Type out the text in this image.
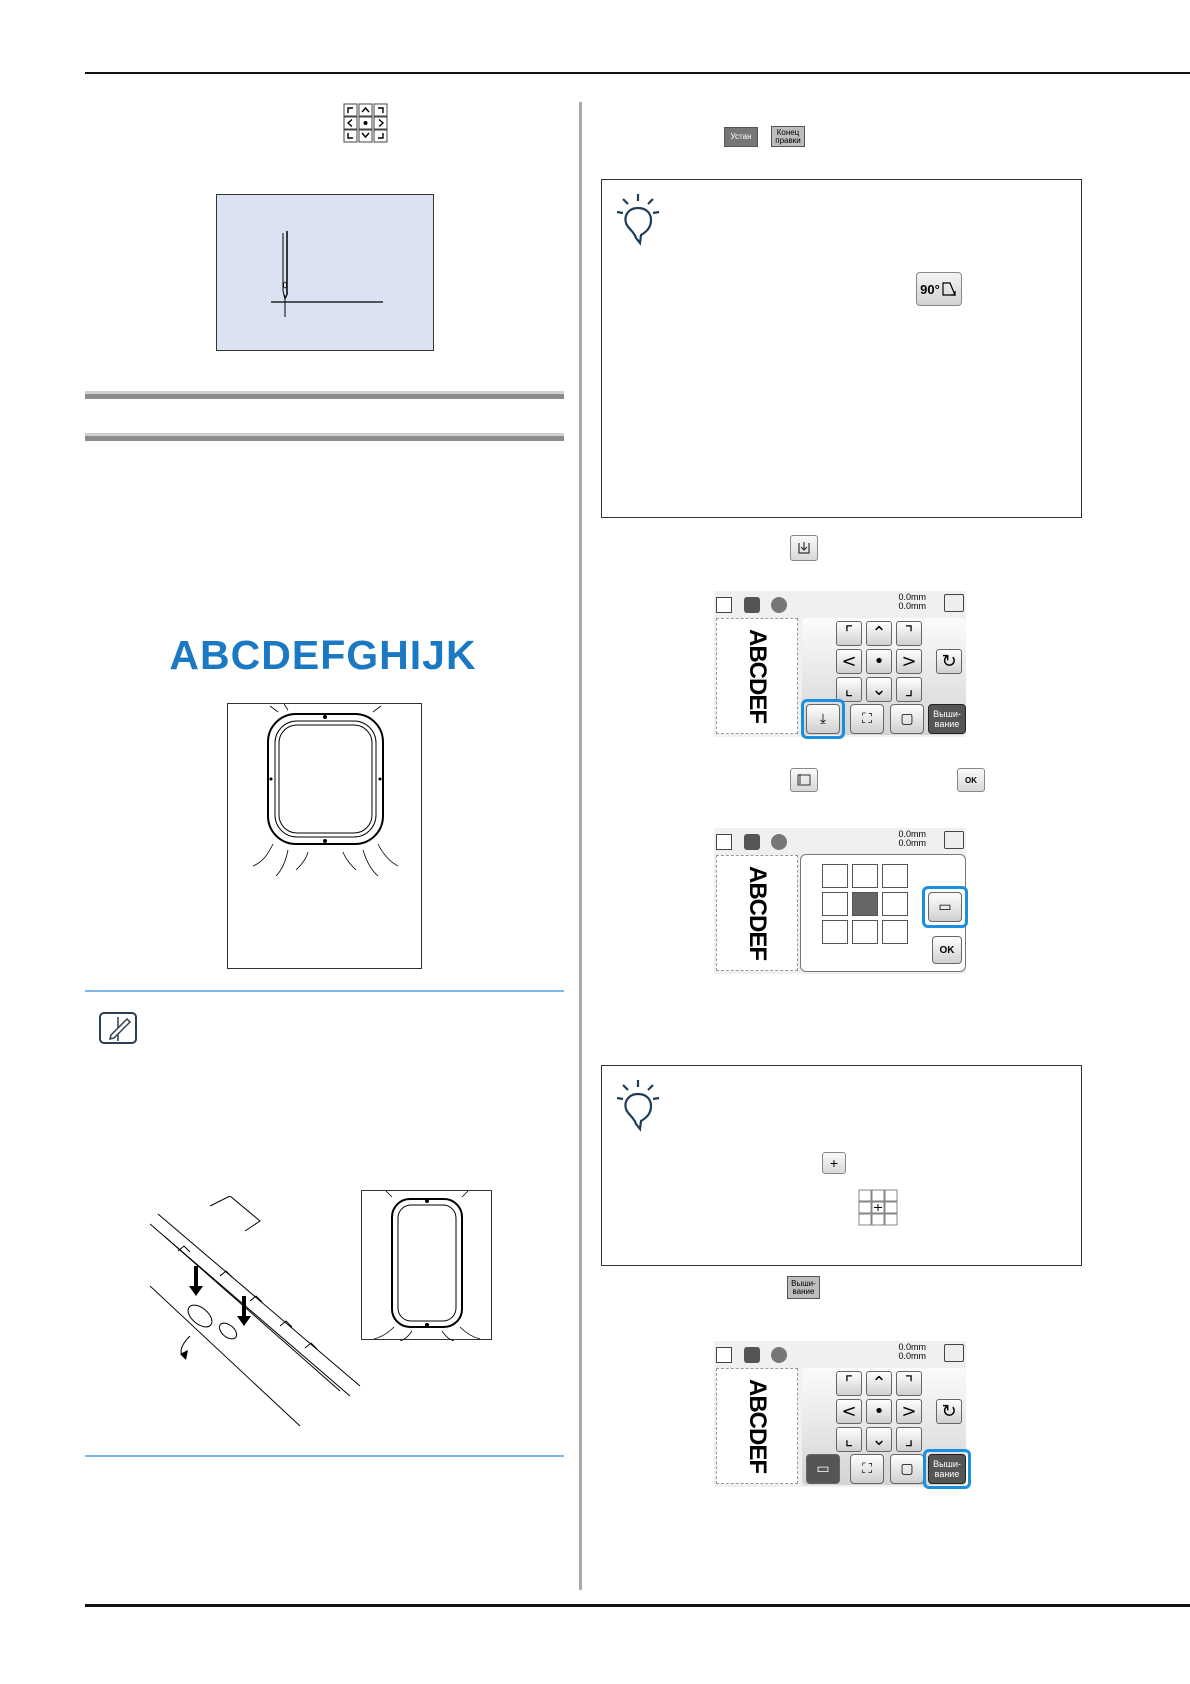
ABCDEFGHIJK
Устан	Конец
правки
90°
0.0mm
0.0mm
ABCDEF	⌜	⌃	⌝
< • >	↻
⌞	⌄	⌟
⤓	⛶	▢	Выши-
вание
OK
0.0mm
0.0mm
ABCDEF	▭
OK
+
Выши-
вание
0.0mm
0.0mm
ABCDEF	⌜	⌃	⌝
< • >	↻
⌞	⌄	⌟
▭	⛶	▢	Выши-
вание
